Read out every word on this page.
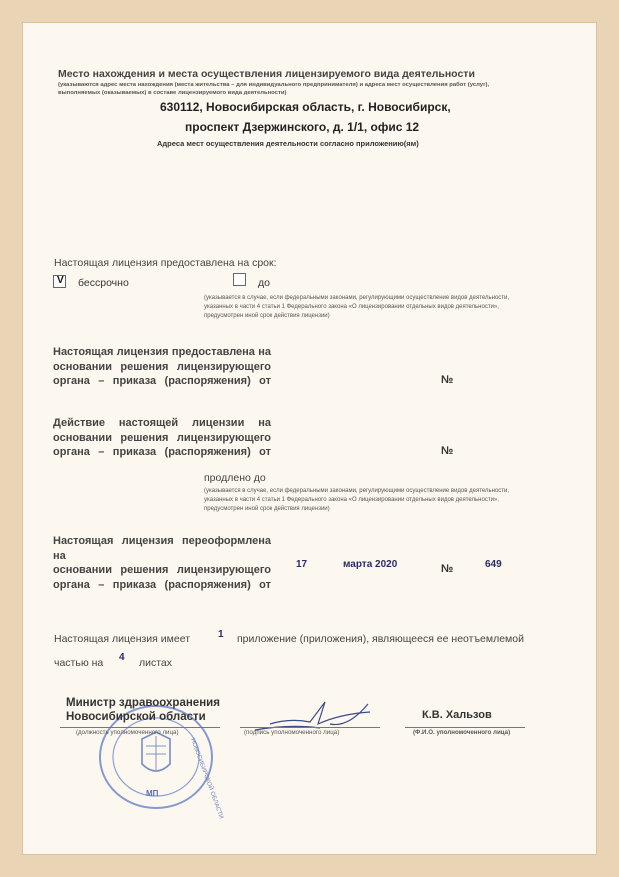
Место нахождения и места осуществления лицензируемого вида деятельности
(указываются адрес места нахождения (места жительства – для индивидуального предпринимателя) и адреса мест осуществления работ (услуг),
выполняемых (оказываемых) в составе лицензируемого вида деятельности)
630112, Новосибирская область, г. Новосибирск,
проспект Дзержинского, д. 1/1, офис 12
Адреса мест осуществления деятельности согласно приложению(ям)
Настоящая лицензия предоставлена на срок:
V бессрочно	до
(указывается в случае, если федеральными законами, регулирующими осуществление видов деятельности,
указанных в части 4 статьи 1 Федерального закона «О лицензировании отдельных видов деятельности»,
предусмотрен иной срок действия лицензии)
Настоящая лицензия предоставлена на
основании решения лицензирующего
органа – приказа (распоряжения) от	№
Действие настоящей лицензии на
основании решения лицензирующего
органа – приказа (распоряжения) от	№
продлено до
(указывается в случае, если федеральными законами, регулирующими осуществление видов деятельности,
указанных в части 4 статьи 1 Федерального закона «О лицензировании отдельных видов деятельности»,
предусмотрен иной срок действия лицензии)
Настоящая лицензия переоформлена на
основании решения лицензирующего
органа – приказа (распоряжения) от
17	марта 2020	№	649
Настоящая лицензия имеет	1 приложение (приложения), являющееся ее неотъемлемой
частью на 4 листах
МП	НОВОСИБИРСКОЙ ОБЛАСТИ
Министр здравоохранения
Новосибирской области
(должность уполномоченного лица)	(подпись уполномоченного лица)
К.В. Хальзов
(Ф.И.О. уполномоченного лица)
